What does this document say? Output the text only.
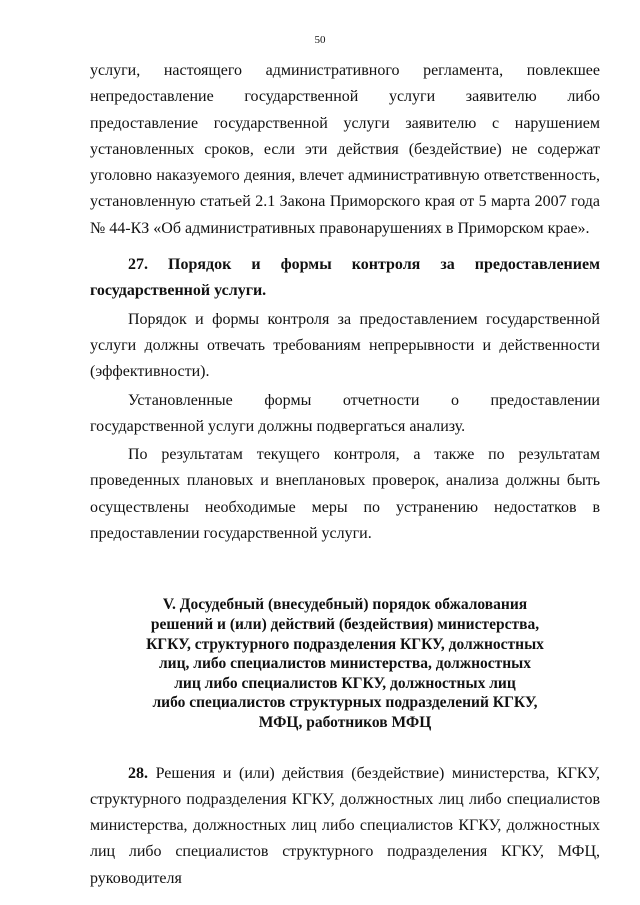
50

услуги, настоящего административного регламента, повлекшее непредоставление государственной услуги заявителю либо предоставление государственной услуги заявителю с нарушением установленных сроков, если эти действия (бездействие) не содержат уголовно наказуемого деяния, влечет административную ответственность, установленную статьей 2.1 Закона Приморского края от 5 марта 2007 года № 44-КЗ «Об административных правонарушениях в Приморском крае».

27. Порядок и формы контроля за предоставлением государственной услуги.

Порядок и формы контроля за предоставлением государственной услуги должны отвечать требованиям непрерывности и действенности (эффективности).

Установленные формы отчетности о предоставлении государственной услуги должны подвергаться анализу.

По результатам текущего контроля, а также по результатам проведенных плановых и внеплановых проверок, анализа должны быть осуществлены необходимые меры по устранению недостатков в предоставлении государственной услуги.

V. Досудебный (внесудебный) порядок обжалования
решений и (или) действий (бездействия) министерства,
КГКУ, структурного подразделения КГКУ, должностных
лиц, либо специалистов министерства, должностных
лиц либо специалистов КГКУ, должностных лиц
либо специалистов структурных подразделений КГКУ,
МФЦ, работников МФЦ

28. Решения и (или) действия (бездействие) министерства, КГКУ, структурного подразделения КГКУ, должностных лиц либо специалистов министерства, должностных лиц либо специалистов КГКУ, должностных лиц либо специалистов структурного подразделения КГКУ, МФЦ, руководителя
